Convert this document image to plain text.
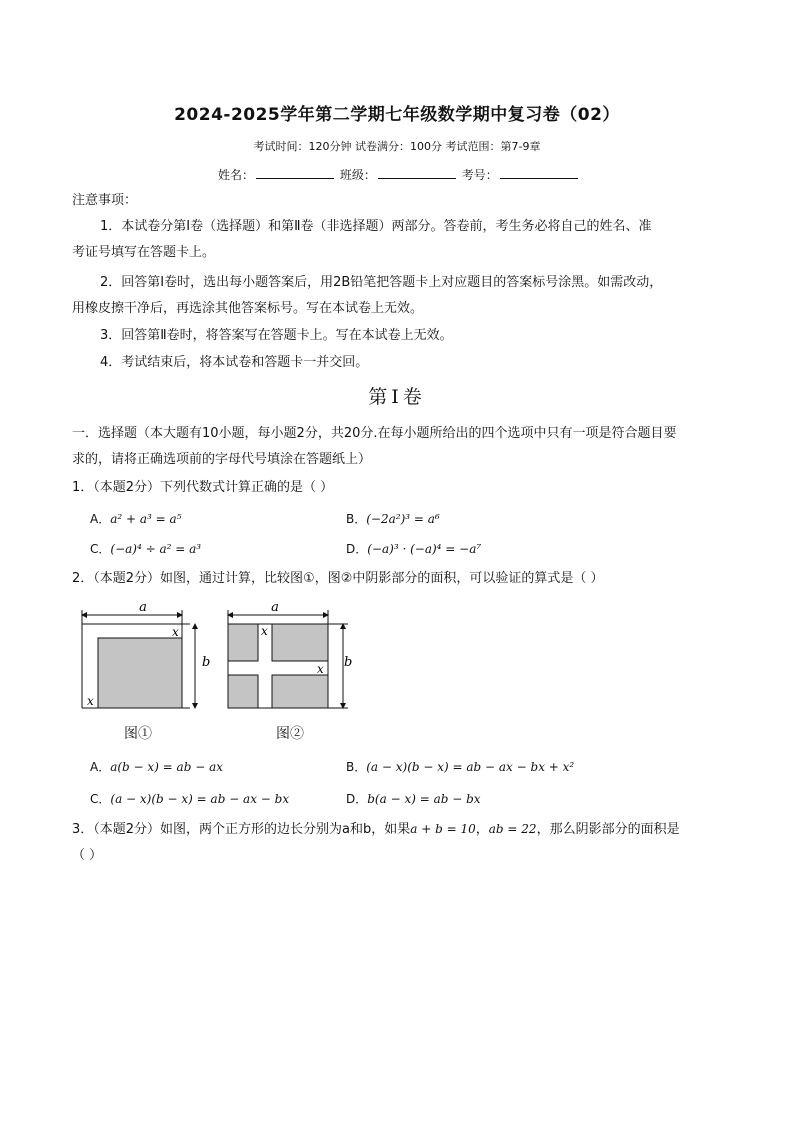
2024-2025学年第二学期七年级数学期中复习卷（02）
考试时间：120分钟 试卷满分：100分 考试范围：第7-9章
姓名：	班级：	考号：
注意事项：
1．本试卷分第Ⅰ卷（选择题）和第Ⅱ卷（非选择题）两部分。答卷前，考生务必将自己的姓名、准
考证号填写在答题卡上。
2．回答第Ⅰ卷时，选出每小题答案后，用2B铅笔把答题卡上对应题目的答案标号涂黑。如需改动，
用橡皮擦干净后，再选涂其他答案标号。写在本试卷上无效。
3．回答第Ⅱ卷时，将答案写在答题卡上。写在本试卷上无效。
4．考试结束后，将本试卷和答题卡一并交回。
第Ⅰ卷
一．选择题（本大题有10小题，每小题2分，共20分.在每小题所给出的四个选项中只有一项是符合题目要
求的，请将正确选项前的字母代号填涂在答题纸上）
1．（本题2分）下列代数式计算正确的是（ ）
A．a² + a³ = a⁵	B．(−2a²)³ = a⁶
C．(−a)⁴ ÷ a² = a³	D．(−a)³ · (−a)⁴ = −a⁷
2．（本题2分）如图，通过计算，比较图①，图②中阴影部分的面积，可以验证的算式是（ ）
a
b
x
x
a
b
x
x
图①	图②
A．a(b − x) = ab − ax	B．(a − x)(b − x) = ab − ax − bx + x²
C．(a − x)(b − x) = ab − ax − bx	D．b(a − x) = ab − bx
3．（本题2分）如图，两个正方形的边长分别为a和b，如果a + b = 10，ab = 22，那么阴影部分的面积是
（ ）
